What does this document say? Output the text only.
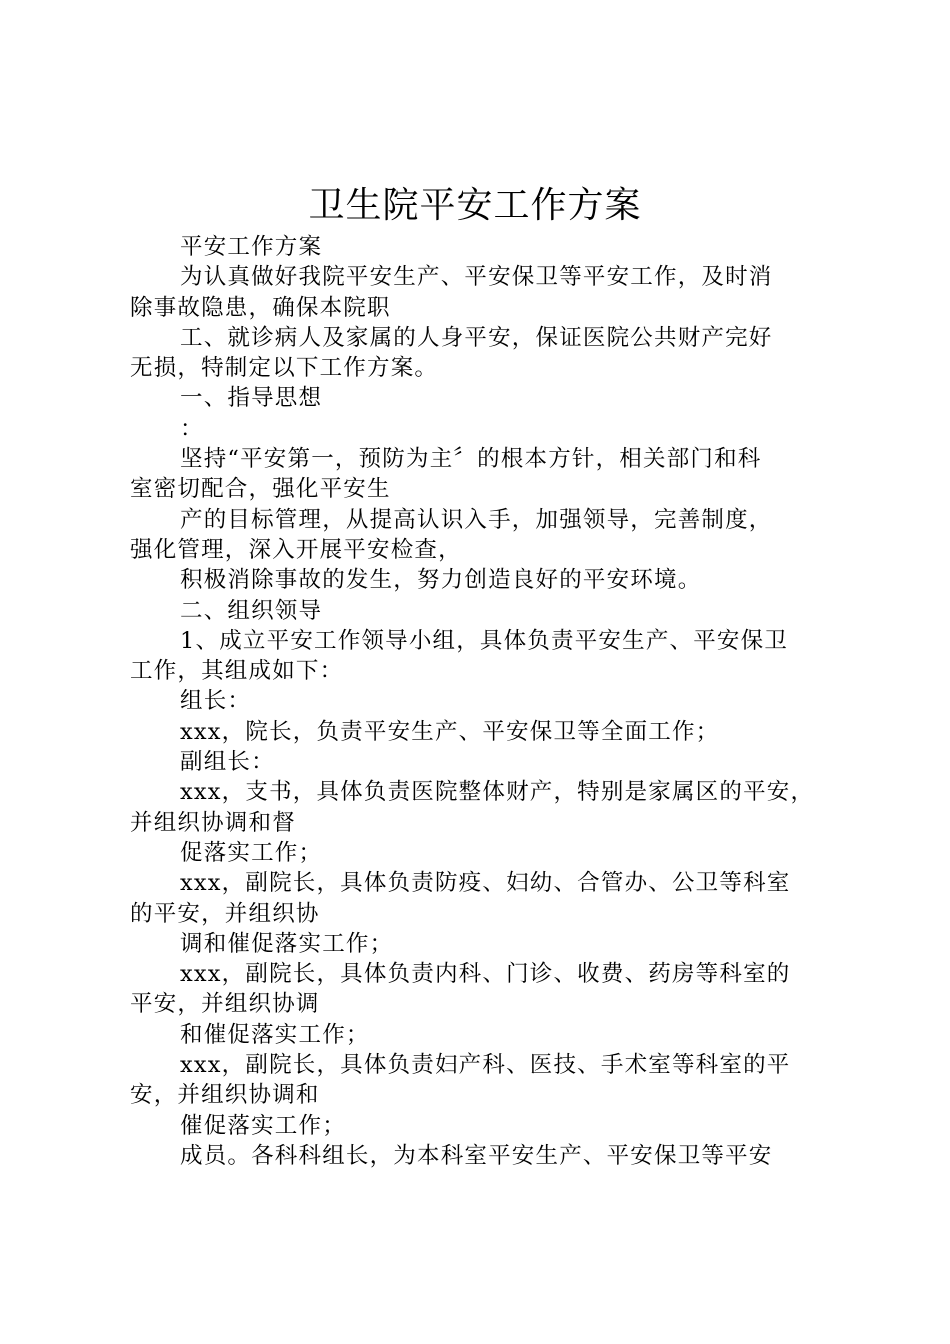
卫生院平安工作方案
平安工作方案
为认真做好我院平安生产、平安保卫等平安工作，及时消
除事故隐患，确保本院职
工、就诊病人及家属的人身平安，保证医院公共财产完好
无损，特制定以下工作方案。
一、指导思想
：
坚持“平安第一，预防为主〞的根本方针，相关部门和科
室密切配合，强化平安生
产的目标管理，从提高认识入手，加强领导，完善制度，
强化管理，深入开展平安检查，
积极消除事故的发生，努力创造良好的平安环境。
二、组织领导
1、成立平安工作领导小组，具体负责平安生产、平安保卫
工作，其组成如下：
组长：
xxx，院长，负责平安生产、平安保卫等全面工作；
副组长：
xxx，支书，具体负责医院整体财产，特别是家属区的平安，
并组织协调和督
促落实工作；
xxx，副院长，具体负责防疫、妇幼、合管办、公卫等科室
的平安，并组织协
调和催促落实工作；
xxx，副院长，具体负责内科、门诊、收费、药房等科室的
平安，并组织协调
和催促落实工作；
xxx，副院长，具体负责妇产科、医技、手术室等科室的平
安，并组织协调和
催促落实工作；
成员。各科科组长，为本科室平安生产、平安保卫等平安
